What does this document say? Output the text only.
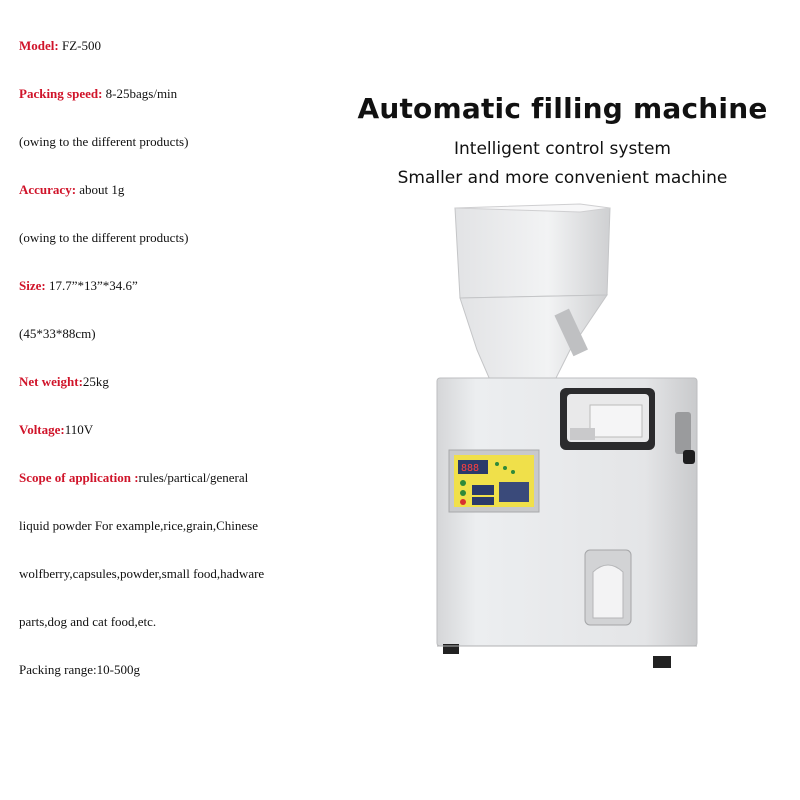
Model: FZ-500
Packing speed: 8-25bags/min
(owing to the different products)
Accuracy: about 1g
(owing to the different products)
Size: 17.7”*13”*34.6”
(45*33*88cm)
Net weight:25kg
Voltage:110V
Scope of application :rules/partical/general
liquid powder For example,rice,grain,Chinese
wolfberry,capsules,powder,small food,hadware
parts,dog and cat food,etc.
Packing range:10-500g
Automatic filling machine
Intelligent control system
Smaller and more convenient machine
888
